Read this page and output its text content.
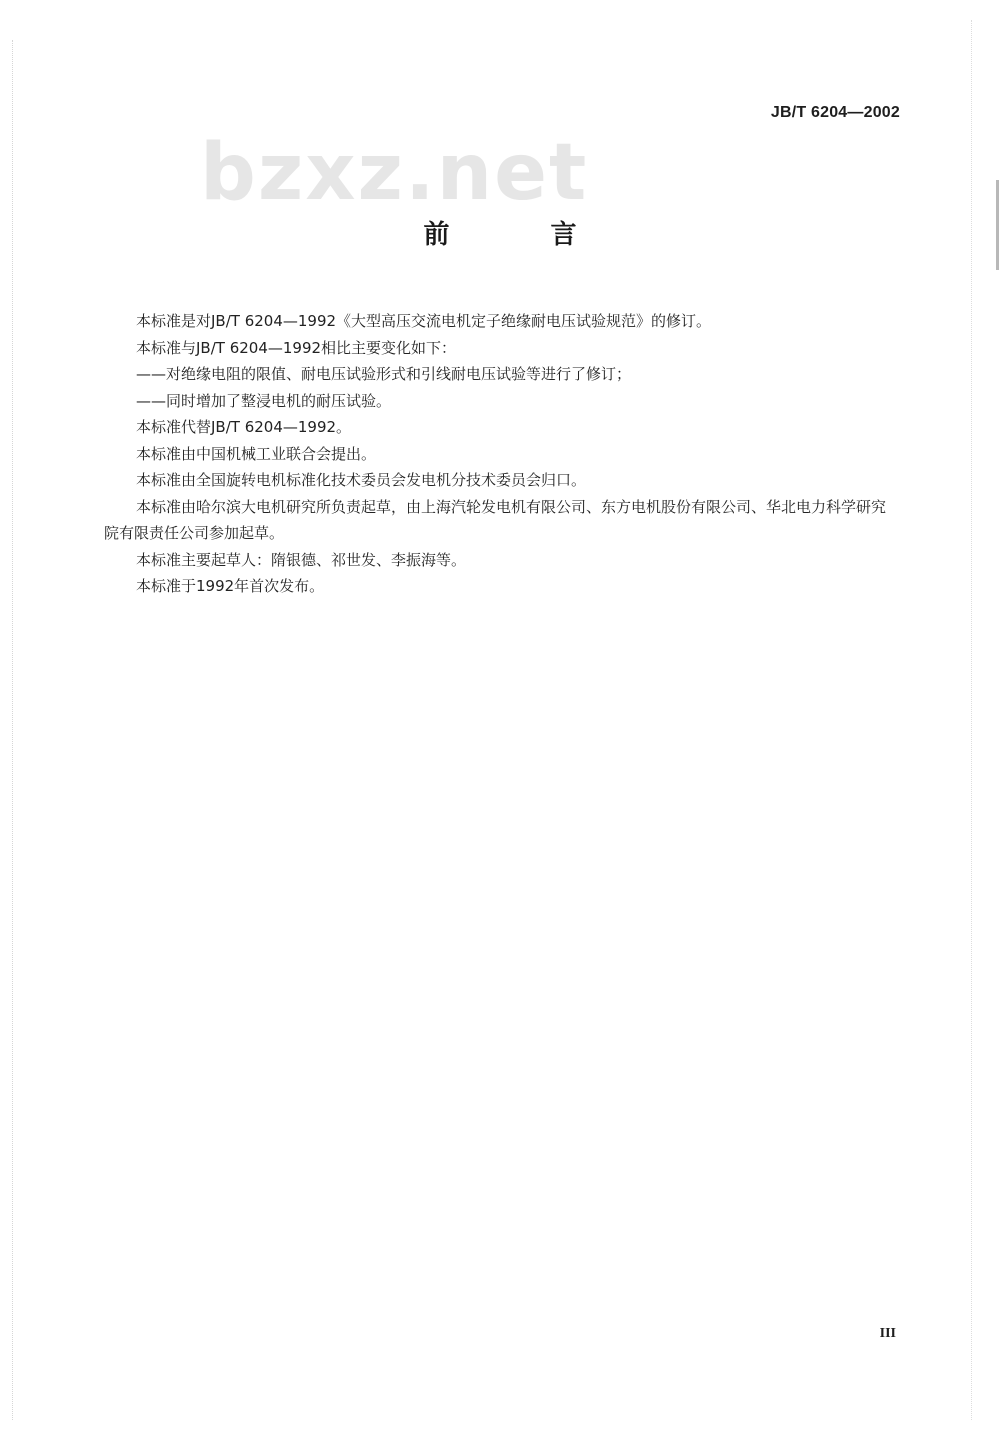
JB/T 6204—2002
bzxz.net
前 言

本标准是对JB/T 6204—1992《大型高压交流电机定子绝缘耐电压试验规范》的修订。

本标准与JB/T 6204—1992相比主要变化如下：

——对绝缘电阻的限值、耐电压试验形式和引线耐电压试验等进行了修订；

——同时增加了整浸电机的耐压试验。

本标准代替JB/T 6204—1992。

本标准由中国机械工业联合会提出。

本标准由全国旋转电机标准化技术委员会发电机分技术委员会归口。

本标准由哈尔滨大电机研究所负责起草，由上海汽轮发电机有限公司、东方电机股份有限公司、华北电力科学研究院有限责任公司参加起草。

本标准主要起草人：隋银德、祁世发、李振海等。

本标准于1992年首次发布。

III
